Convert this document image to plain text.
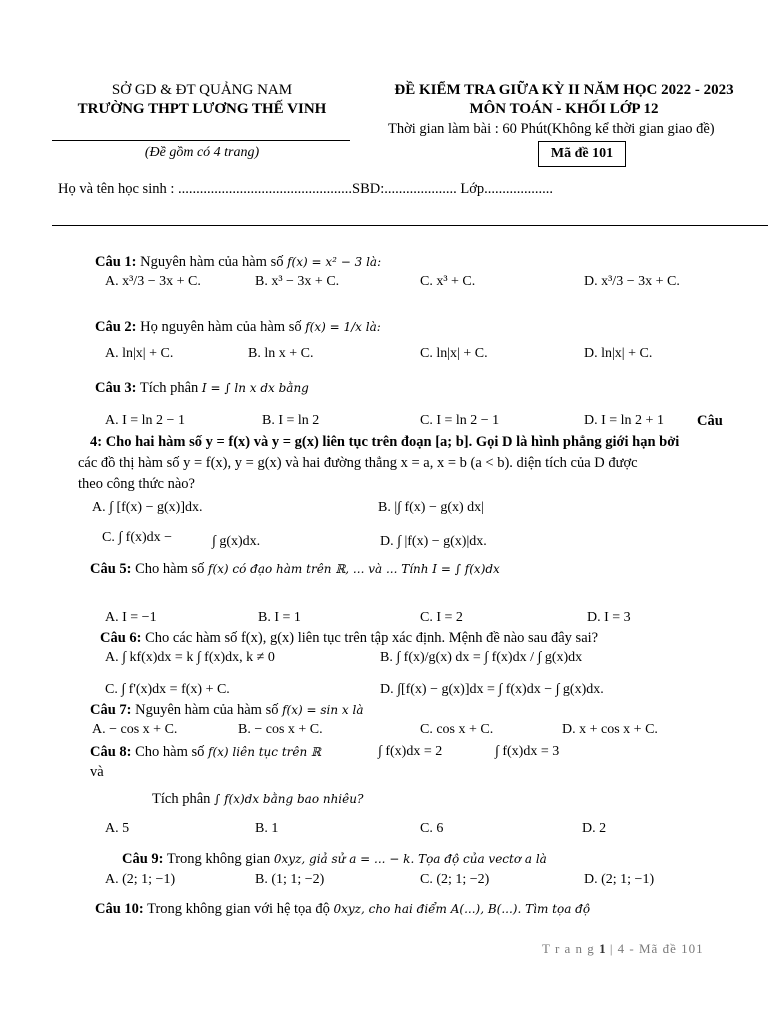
SỞ GD & ĐT QUẢNG NAM
TRƯỜNG THPT LƯƠNG THẾ VINH
(Đề gồm có 4 trang)
ĐỀ KIỂM TRA GIỮA KỲ II NĂM HỌC 2022 - 2023
MÔN TOÁN - KHỐI LỚP 12
Thời gian làm bài : 60 Phút(Không kể thời gian giao đề)
Mã đề 101
Họ và tên học sinh : ................................................SBD:.................... Lớp...................
Câu 1: Nguyên hàm của hàm số f(x) = x² − 3 là:
A. x³/3 − 3x + C.	B. x³ − 3x + C.	C. x³ + C.	D. x³/3 − 3x + C.
Câu 2: Họ nguyên hàm của hàm số f(x) = 1/x là:
A. ln|x| + C.	B. ln x + C.	C. ln|x| + C.	D. ln|x| + C.
Câu 3: Tích phân I = ∫ ln x dx bằng
A. I = ln 2 − 1	B. I = ln 2	C. I = ln 2 − 1	D. I = ln 2 + 1 Câu
4: Cho hai hàm số y = f(x) và y = g(x) liên tục trên đoạn [a; b]. Gọi D là hình phẳng giới hạn bởi
các đồ thị hàm số y = f(x), y = g(x) và hai đường thẳng x = a, x = b (a < b). diện tích của D được
theo công thức nào?
A. ∫ [f(x) − g(x)]dx.	B. |∫ f(x) − g(x) dx|
C. ∫ f(x)dx −	∫ g(x)dx.	D. ∫ |f(x) − g(x)|dx.
Câu 5: Cho hàm số f(x) có đạo hàm trên ℝ, ... và ... Tính I = ∫ f(x)dx
A. I = −1	B. I = 1	C. I = 2	D. I = 3
Câu 6: Cho các hàm số f(x), g(x) liên tục trên tập xác định. Mệnh đề nào sau đây sai?
A. ∫ kf(x)dx = k ∫ f(x)dx, k ≠ 0	B. ∫ f(x)/g(x) dx = ∫ f(x)dx / ∫ g(x)dx
C. ∫ f'(x)dx = f(x) + C.	D. ∫[f(x) − g(x)]dx = ∫ f(x)dx − ∫ g(x)dx.
Câu 7: Nguyên hàm của hàm số f(x) = sin x là
A. − cos x + C.	B. − cos x + C.	C. cos x + C.	D. x + cos x + C.
Câu 8: Cho hàm số f(x) liên tục trên ℝ
và
∫ f(x)dx = 2	∫ f(x)dx = 3
Tích phân ∫ f(x)dx bằng bao nhiêu?
A. 5	B. 1	C. 6	D. 2
Câu 9: Trong không gian 0xyz, giả sử a = ... − k. Tọa độ của vectơ a là
A. (2; 1; −1)	B. (1; 1; −2)	C. (2; 1; −2)	D. (2; 1; −1)
Câu 10: Trong không gian với hệ tọa độ 0xyz, cho hai điểm A(...), B(...). Tìm tọa độ
T r a n g 1 | 4 - Mã đề 101
